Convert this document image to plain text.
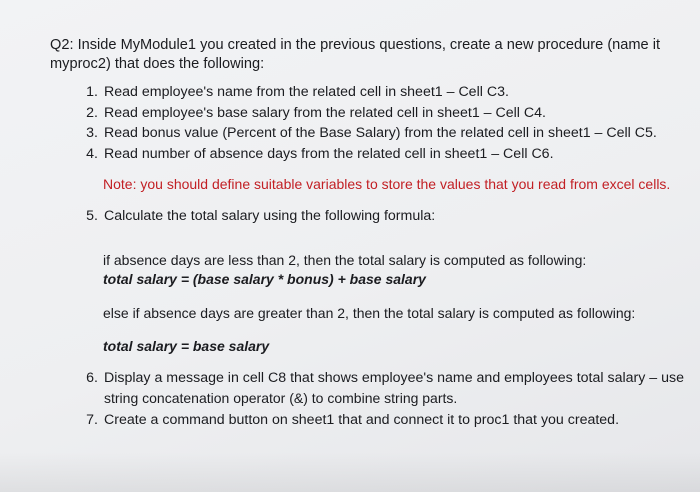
Q2: Inside MyModule1 you created in the previous questions, create a new procedure (name it
myproc2) that does the following:
1. Read employee's name from the related cell in sheet1 – Cell C3.
2. Read employee's base salary from the related cell in sheet1 – Cell C4.
3. Read bonus value (Percent of the Base Salary) from the related cell in sheet1 – Cell C5.
4. Read number of absence days from the related cell in sheet1 – Cell C6.
Note: you should define suitable variables to store the values that you read from excel cells.
5. Calculate the total salary using the following formula:
if absence days are less than 2, then the total salary is computed as following:
total salary = (base salary * bonus) + base salary
else if absence days are greater than 2, then the total salary is computed as following:
total salary = base salary
6. Display a message in cell C8 that shows employee's name and employees total salary – use
string concatenation operator (&) to combine string parts.
7. Create a command button on sheet1 that and connect it to proc1 that you created.
